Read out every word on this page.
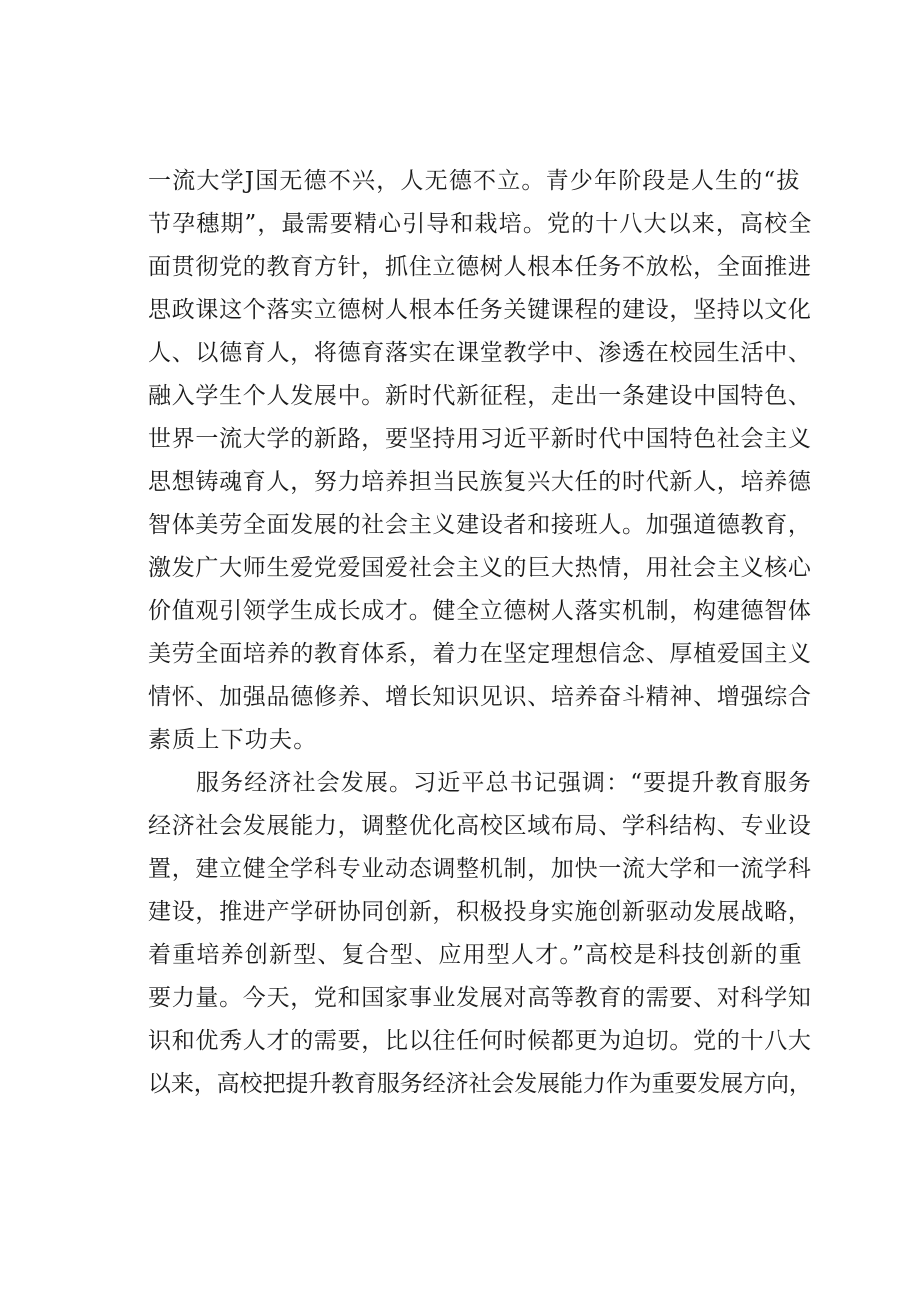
一流大学J国无德不兴，人无德不立。青少年阶段是人生的“拔
节孕穗期”，最需要精心引导和栽培。党的十八大以来，高校全
面贯彻党的教育方针，抓住立德树人根本任务不放松，全面推进
思政课这个落实立德树人根本任务关键课程的建设，坚持以文化
人、以德育人，将德育落实在课堂教学中、渗透在校园生活中、
融入学生个人发展中。新时代新征程，走出一条建设中国特色、
世界一流大学的新路，要坚持用习近平新时代中国特色社会主义
思想铸魂育人，努力培养担当民族复兴大任的时代新人，培养德
智体美劳全面发展的社会主义建设者和接班人。加强道德教育，
激发广大师生爱党爱国爱社会主义的巨大热情，用社会主义核心
价值观引领学生成长成才。健全立德树人落实机制，构建德智体
美劳全面培养的教育体系，着力在坚定理想信念、厚植爱国主义
情怀、加强品德修养、增长知识见识、培养奋斗精神、增强综合
素质上下功夫。
服务经济社会发展。习近平总书记强调：“要提升教育服务
经济社会发展能力，调整优化高校区域布局、学科结构、专业设
置，建立健全学科专业动态调整机制，加快一流大学和一流学科
建设，推进产学研协同创新，积极投身实施创新驱动发展战略，
着重培养创新型、复合型、应用型人才。”高校是科技创新的重
要力量。今天，党和国家事业发展对高等教育的需要、对科学知
识和优秀人才的需要，比以往任何时候都更为迫切。党的十八大
以来，高校把提升教育服务经济社会发展能力作为重要发展方向，
